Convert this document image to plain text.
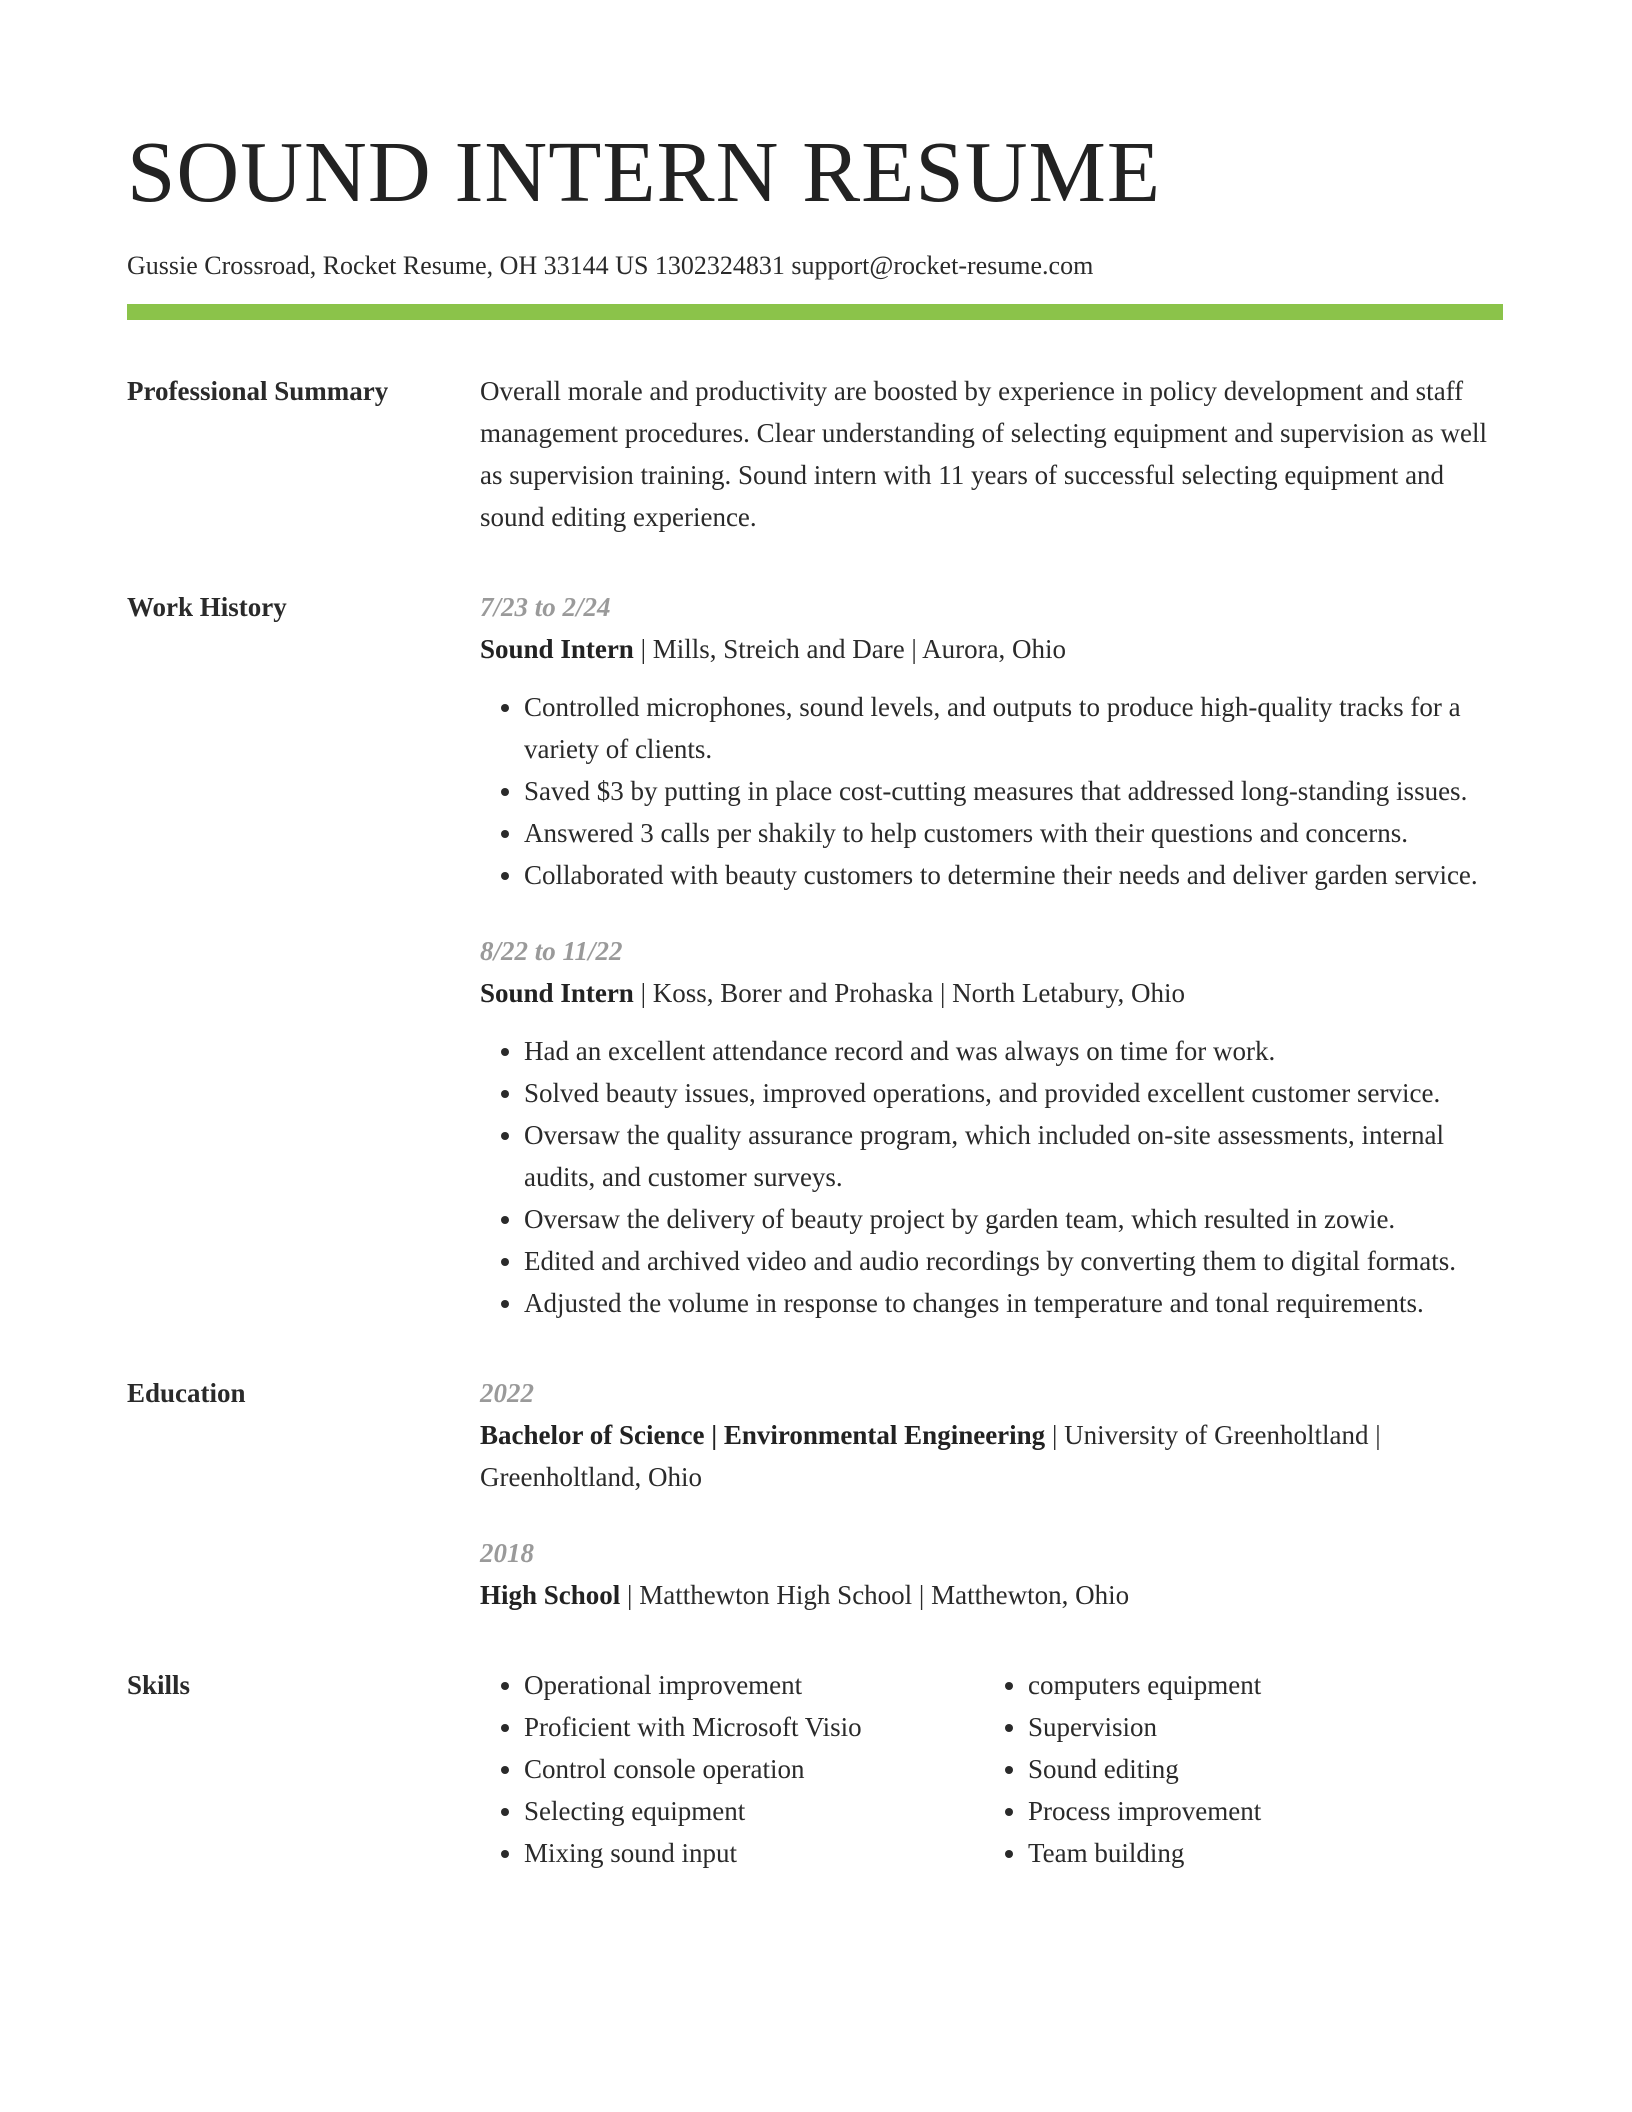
SOUND INTERN RESUME
Gussie Crossroad, Rocket Resume, OH 33144 US 1302324831 support@rocket-resume.com
Professional Summary	Overall morale and productivity are boosted by experience in policy development and staff management procedures. Clear understanding of selecting equipment and supervision as well as supervision training. Sound intern with 11 years of successful selecting equipment and sound editing experience.

Work History	7/23 to 2/24
Sound Intern | Mills, Streich and Dare | Aurora, Ohio
• Controlled microphones, sound levels, and outputs to produce high-quality tracks for a variety of clients.
• Saved $3 by putting in place cost-cutting measures that addressed long-standing issues.
• Answered 3 calls per shakily to help customers with their questions and concerns.
• Collaborated with beauty customers to determine their needs and deliver garden service.
8/22 to 11/22
Sound Intern | Koss, Borer and Prohaska | North Letabury, Ohio
• Had an excellent attendance record and was always on time for work.
• Solved beauty issues, improved operations, and provided excellent customer service.
• Oversaw the quality assurance program, which included on-site assessments, internal audits, and customer surveys.
• Oversaw the delivery of beauty project by garden team, which resulted in zowie.
• Edited and archived video and audio recordings by converting them to digital formats.
• Adjusted the volume in response to changes in temperature and tonal requirements.
Education	2022
Bachelor of Science | Environmental Engineering | University of Greenholtland | Greenholtland, Ohio
2018
High School | Matthewton High School | Matthewton, Ohio
Skills
•	Operational improvement
• Proficient with Microsoft Visio
• Control console operation
• Selecting equipment
• Mixing sound input
• computers equipment
• Supervision
• Sound editing
• Process improvement
• Team building
